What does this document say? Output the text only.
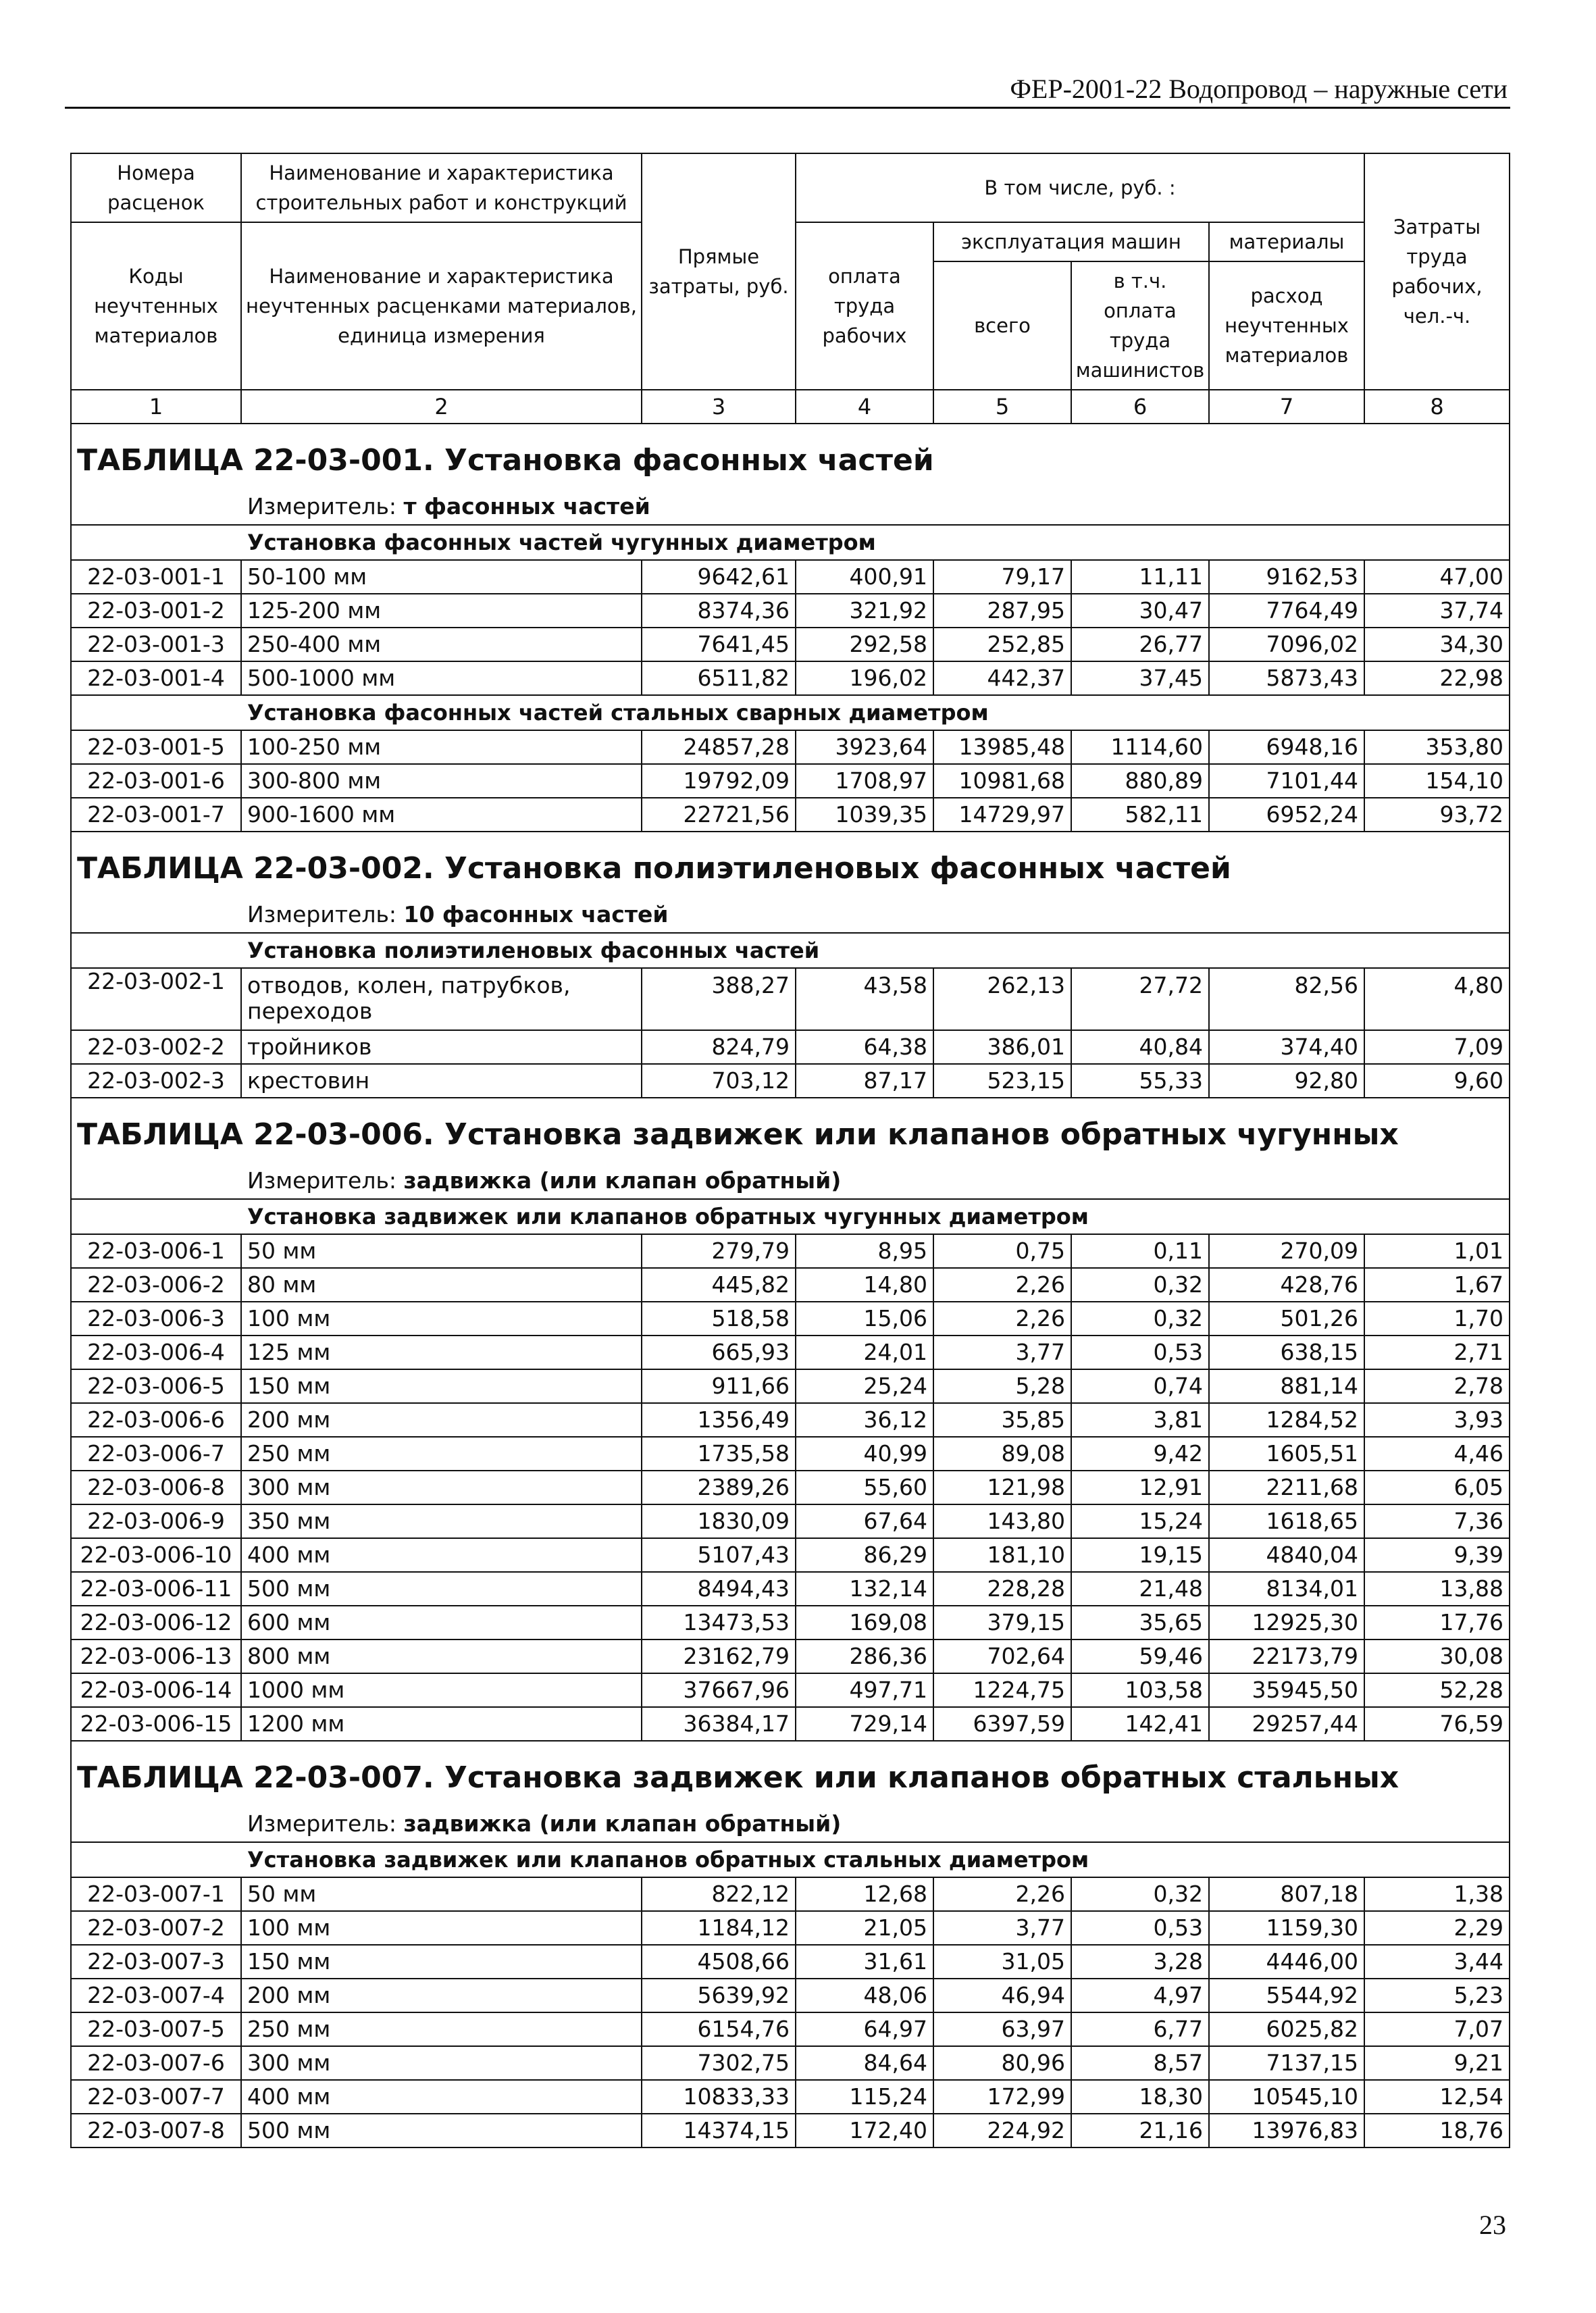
ФЕР-2001-22 Водопровод – наружные сети
Номера расценок	Наименование и характеристика строительных работ и конструкций	Прямые затраты, руб.	В том числе, руб. :				Затраты труда рабочих, чел.-ч.
Коды неучтенных материалов	Наименование и характеристика неучтенных расценками материалов, единица измерения		оплата труда рабочих	эксплуатация машин		материалы	
				всего	в т.ч. оплата труда машинистов	расход неучтенных материалов	
1	2	3	4	5	6	7	8
ТАБЛИЦА 22-03-001. Установка фасонных частей							
Измеритель: т фасонных частей							
Установка фасонных частей чугунных диаметром							
22-03-001-1	50-100 мм	9642,61	400,91	79,17	11,11	9162,53	47,00
22-03-001-2	125-200 мм	8374,36	321,92	287,95	30,47	7764,49	37,74
22-03-001-3	250-400 мм	7641,45	292,58	252,85	26,77	7096,02	34,30
22-03-001-4	500-1000 мм	6511,82	196,02	442,37	37,45	5873,43	22,98
Установка фасонных частей стальных сварных диаметром							
22-03-001-5	100-250 мм	24857,28	3923,64	13985,48	1114,60	6948,16	353,80
22-03-001-6	300-800 мм	19792,09	1708,97	10981,68	880,89	7101,44	154,10
22-03-001-7	900-1600 мм	22721,56	1039,35	14729,97	582,11	6952,24	93,72
ТАБЛИЦА 22-03-002. Установка полиэтиленовых фасонных частей							
Измеритель: 10 фасонных частей							
Установка полиэтиленовых фасонных частей							
22-03-002-1	отводов, колен, патрубков, переходов	388,27	43,58	262,13	27,72	82,56	4,80
22-03-002-2	тройников	824,79	64,38	386,01	40,84	374,40	7,09
22-03-002-3	крестовин	703,12	87,17	523,15	55,33	92,80	9,60
ТАБЛИЦА 22-03-006. Установка задвижек или клапанов обратных чугунных							
Измеритель: задвижка (или клапан обратный)							
Установка задвижек или клапанов обратных чугунных диаметром							
22-03-006-1	50 мм	279,79	8,95	0,75	0,11	270,09	1,01
22-03-006-2	80 мм	445,82	14,80	2,26	0,32	428,76	1,67
22-03-006-3	100 мм	518,58	15,06	2,26	0,32	501,26	1,70
22-03-006-4	125 мм	665,93	24,01	3,77	0,53	638,15	2,71
22-03-006-5	150 мм	911,66	25,24	5,28	0,74	881,14	2,78
22-03-006-6	200 мм	1356,49	36,12	35,85	3,81	1284,52	3,93
22-03-006-7	250 мм	1735,58	40,99	89,08	9,42	1605,51	4,46
22-03-006-8	300 мм	2389,26	55,60	121,98	12,91	2211,68	6,05
22-03-006-9	350 мм	1830,09	67,64	143,80	15,24	1618,65	7,36
22-03-006-10	400 мм	5107,43	86,29	181,10	19,15	4840,04	9,39
22-03-006-11	500 мм	8494,43	132,14	228,28	21,48	8134,01	13,88
22-03-006-12	600 мм	13473,53	169,08	379,15	35,65	12925,30	17,76
22-03-006-13	800 мм	23162,79	286,36	702,64	59,46	22173,79	30,08
22-03-006-14	1000 мм	37667,96	497,71	1224,75	103,58	35945,50	52,28
22-03-006-15	1200 мм	36384,17	729,14	6397,59	142,41	29257,44	76,59
ТАБЛИЦА 22-03-007. Установка задвижек или клапанов обратных стальных							
Измеритель: задвижка (или клапан обратный)							
Установка задвижек или клапанов обратных стальных диаметром							
22-03-007-1	50 мм	822,12	12,68	2,26	0,32	807,18	1,38
22-03-007-2	100 мм	1184,12	21,05	3,77	0,53	1159,30	2,29
22-03-007-3	150 мм	4508,66	31,61	31,05	3,28	4446,00	3,44
22-03-007-4	200 мм	5639,92	48,06	46,94	4,97	5544,92	5,23
22-03-007-5	250 мм	6154,76	64,97	63,97	6,77	6025,82	7,07
22-03-007-6	300 мм	7302,75	84,64	80,96	8,57	7137,15	9,21
22-03-007-7	400 мм	10833,33	115,24	172,99	18,30	10545,10	12,54
22-03-007-8	500 мм	14374,15	172,40	224,92	21,16	13976,83	18,76
23
